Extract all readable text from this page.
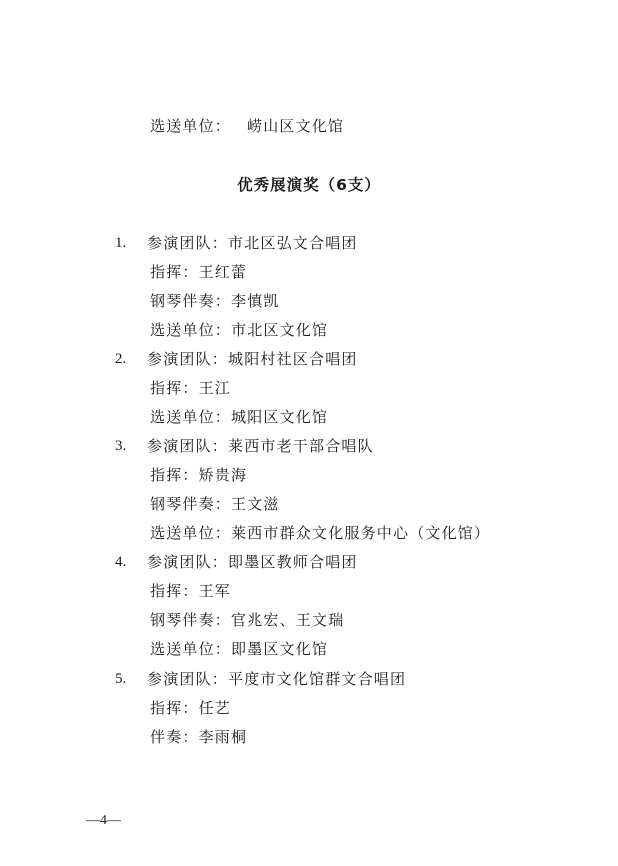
选送单位： 崂山区文化馆
优秀展演奖（6支）
1. 参演团队：市北区弘文合唱团
指挥：王红蕾
钢琴伴奏：李慎凯
选送单位：市北区文化馆
2. 参演团队：城阳村社区合唱团
指挥：王江
选送单位：城阳区文化馆
3. 参演团队：莱西市老干部合唱队
指挥：矫贵海
钢琴伴奏：王文滋
选送单位：莱西市群众文化服务中心（文化馆）
4. 参演团队：即墨区教师合唱团
指挥：王军
钢琴伴奏：官兆宏、王文瑞
选送单位：即墨区文化馆
5. 参演团队：平度市文化馆群文合唱团
指挥：任艺
伴奏：李雨桐
—4—
